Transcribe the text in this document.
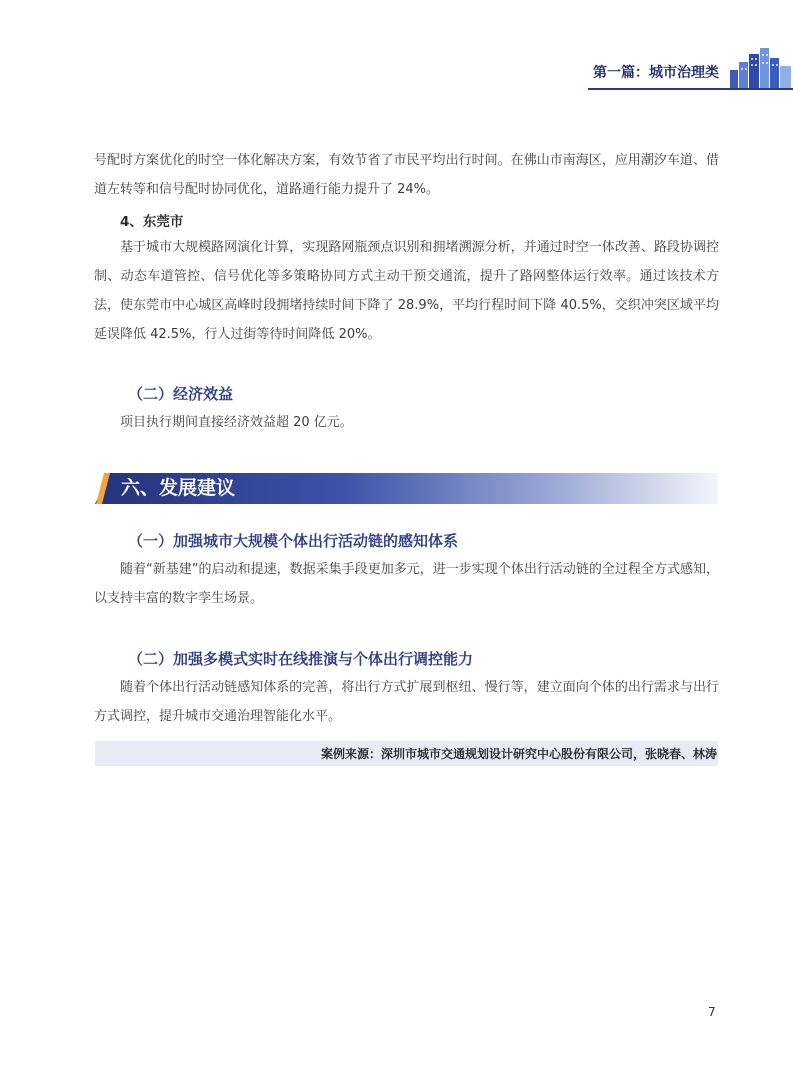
第一篇：城市治理类

号配时方案优化的时空一体化解决方案，有效节省了市民平均出行时间。在佛山市南海区，应用潮汐车道、借道左转等和信号配时协同优化，道路通行能力提升了 24%。

4、东莞市

基于城市大规模路网演化计算，实现路网瓶颈点识别和拥堵溯源分析，并通过时空一体改善、路段协调控制、动态车道管控、信号优化等多策略协同方式主动干预交通流，提升了路网整体运行效率。通过该技术方法，使东莞市中心城区高峰时段拥堵持续时间下降了 28.9%，平均行程时间下降 40.5%，交织冲突区域平均延误降低 42.5%，行人过街等待时间降低 20%。

（二）经济效益

项目执行期间直接经济效益超 20 亿元。

六、发展建议
（一）加强城市大规模个体出行活动链的感知体系

随着“新基建”的启动和提速，数据采集手段更加多元，进一步实现个体出行活动链的全过程全方式感知，以支持丰富的数字孪生场景。

（二）加强多模式实时在线推演与个体出行调控能力

随着个体出行活动链感知体系的完善，将出行方式扩展到枢纽、慢行等，建立面向个体的出行需求与出行方式调控，提升城市交通治理智能化水平。

案例来源：深圳市城市交通规划设计研究中心股份有限公司，张晓春、林涛
7
